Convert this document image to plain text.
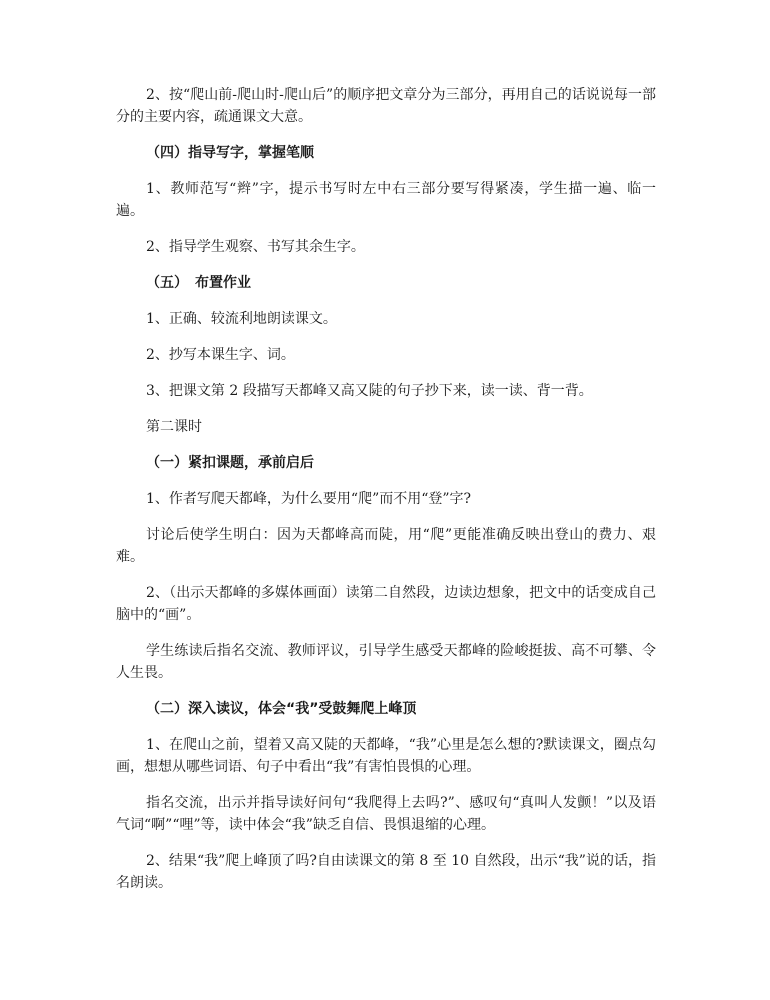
2、按“爬山前-爬山时-爬山后”的顺序把文章分为三部分，再用自己的话说说每一部分的主要内容，疏通课文大意。

（四）指导写字，掌握笔顺

1、教师范写“辫”字，提示书写时左中右三部分要写得紧凑，学生描一遍、临一遍。

2、指导学生观察、书写其余生字。

（五）　布置作业

1、正确、较流利地朗读课文。

2、抄写本课生字、词。

3、把课文第 2 段描写天都峰又高又陡的句子抄下来，读一读、背一背。

第二课时

（一）紧扣课题，承前启后

1、作者写爬天都峰，为什么要用“爬”而不用“登”字?

讨论后使学生明白：因为天都峰高而陡，用“爬”更能准确反映出登山的费力、艰难。

2、（出示天都峰的多媒体画面）读第二自然段，边读边想象，把文中的话变成自己脑中的“画”。

学生练读后指名交流、教师评议，引导学生感受天都峰的险峻挺拔、高不可攀、令人生畏。

（二）深入读议，体会“我”受鼓舞爬上峰顶

1、在爬山之前，望着又高又陡的天都峰，“我”心里是怎么想的?默读课文，圈点勾画，想想从哪些词语、句子中看出“我”有害怕畏惧的心理。

指名交流，出示并指导读好问句“我爬得上去吗?”、感叹句“真叫人发颤！”以及语气词“啊”“哩”等，读中体会“我”缺乏自信、畏惧退缩的心理。

2、结果“我”爬上峰顶了吗?自由读课文的第 8 至 10 自然段，出示“我”说的话，指名朗读。
